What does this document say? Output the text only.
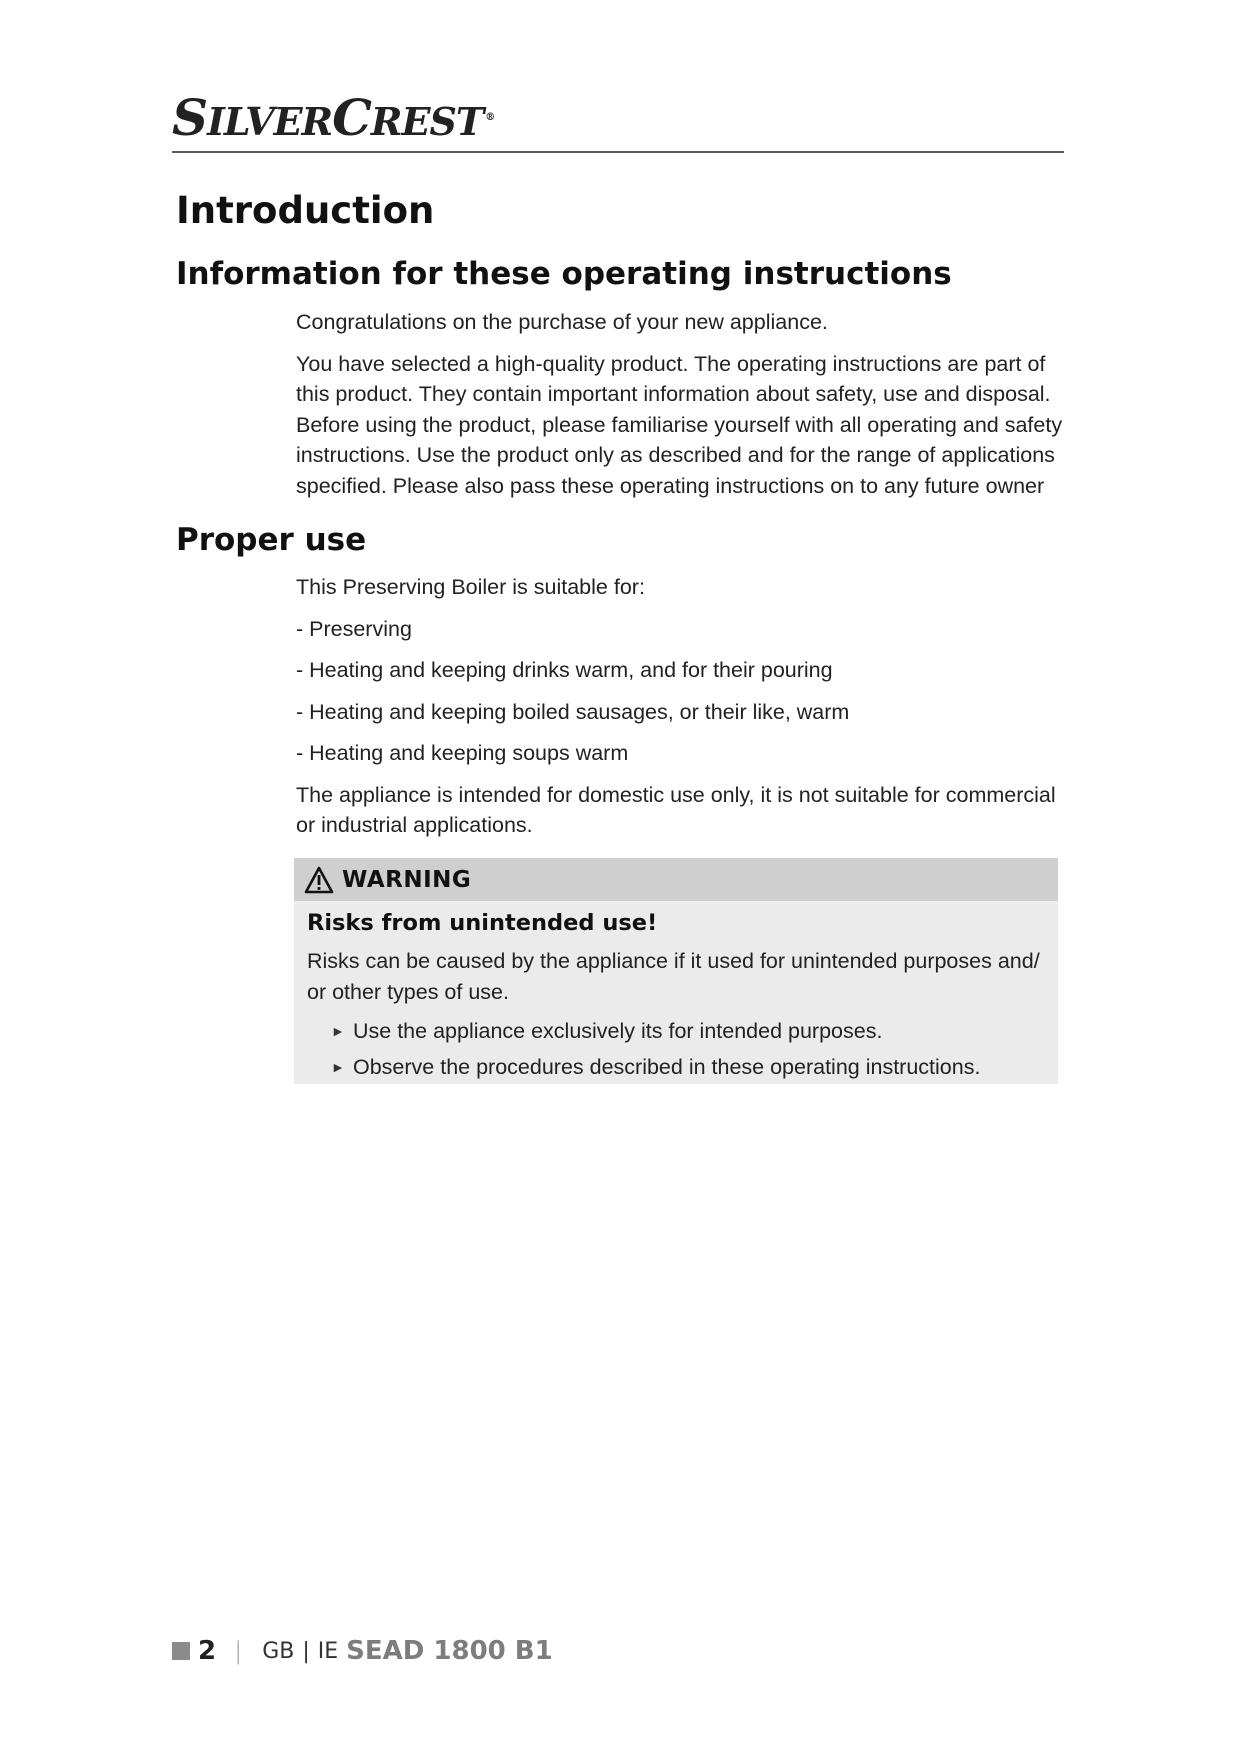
SILVERCREST ®
Introduction
Information for these operating instructions

Congratulations on the purchase of your new appliance.

You have selected a high-quality product. The operating instructions are part of this product. They contain important information about safety, use and disposal. Before using the product, please familiarise yourself with all operating and safety instructions. Use the product only as described and for the range of applications specified. Please also pass these operating instructions on to any future owner

Proper use

This Preserving Boiler is suitable for:

- Preserving

- Heating and keeping drinks warm, and for their pouring

- Heating and keeping boiled sausages, or their like, warm

- Heating and keeping soups warm

The appliance is intended for domestic use only, it is not suitable for commercial or industrial applications.

WARNING

Risks from unintended use!

Risks can be caused by the appliance if it used for unintended purposes and/ or other types of use.

► Use the appliance exclusively its for intended purposes.
► Observe the procedures described in these operating instructions.
2 | GB | IE SEAD 1800 B1
